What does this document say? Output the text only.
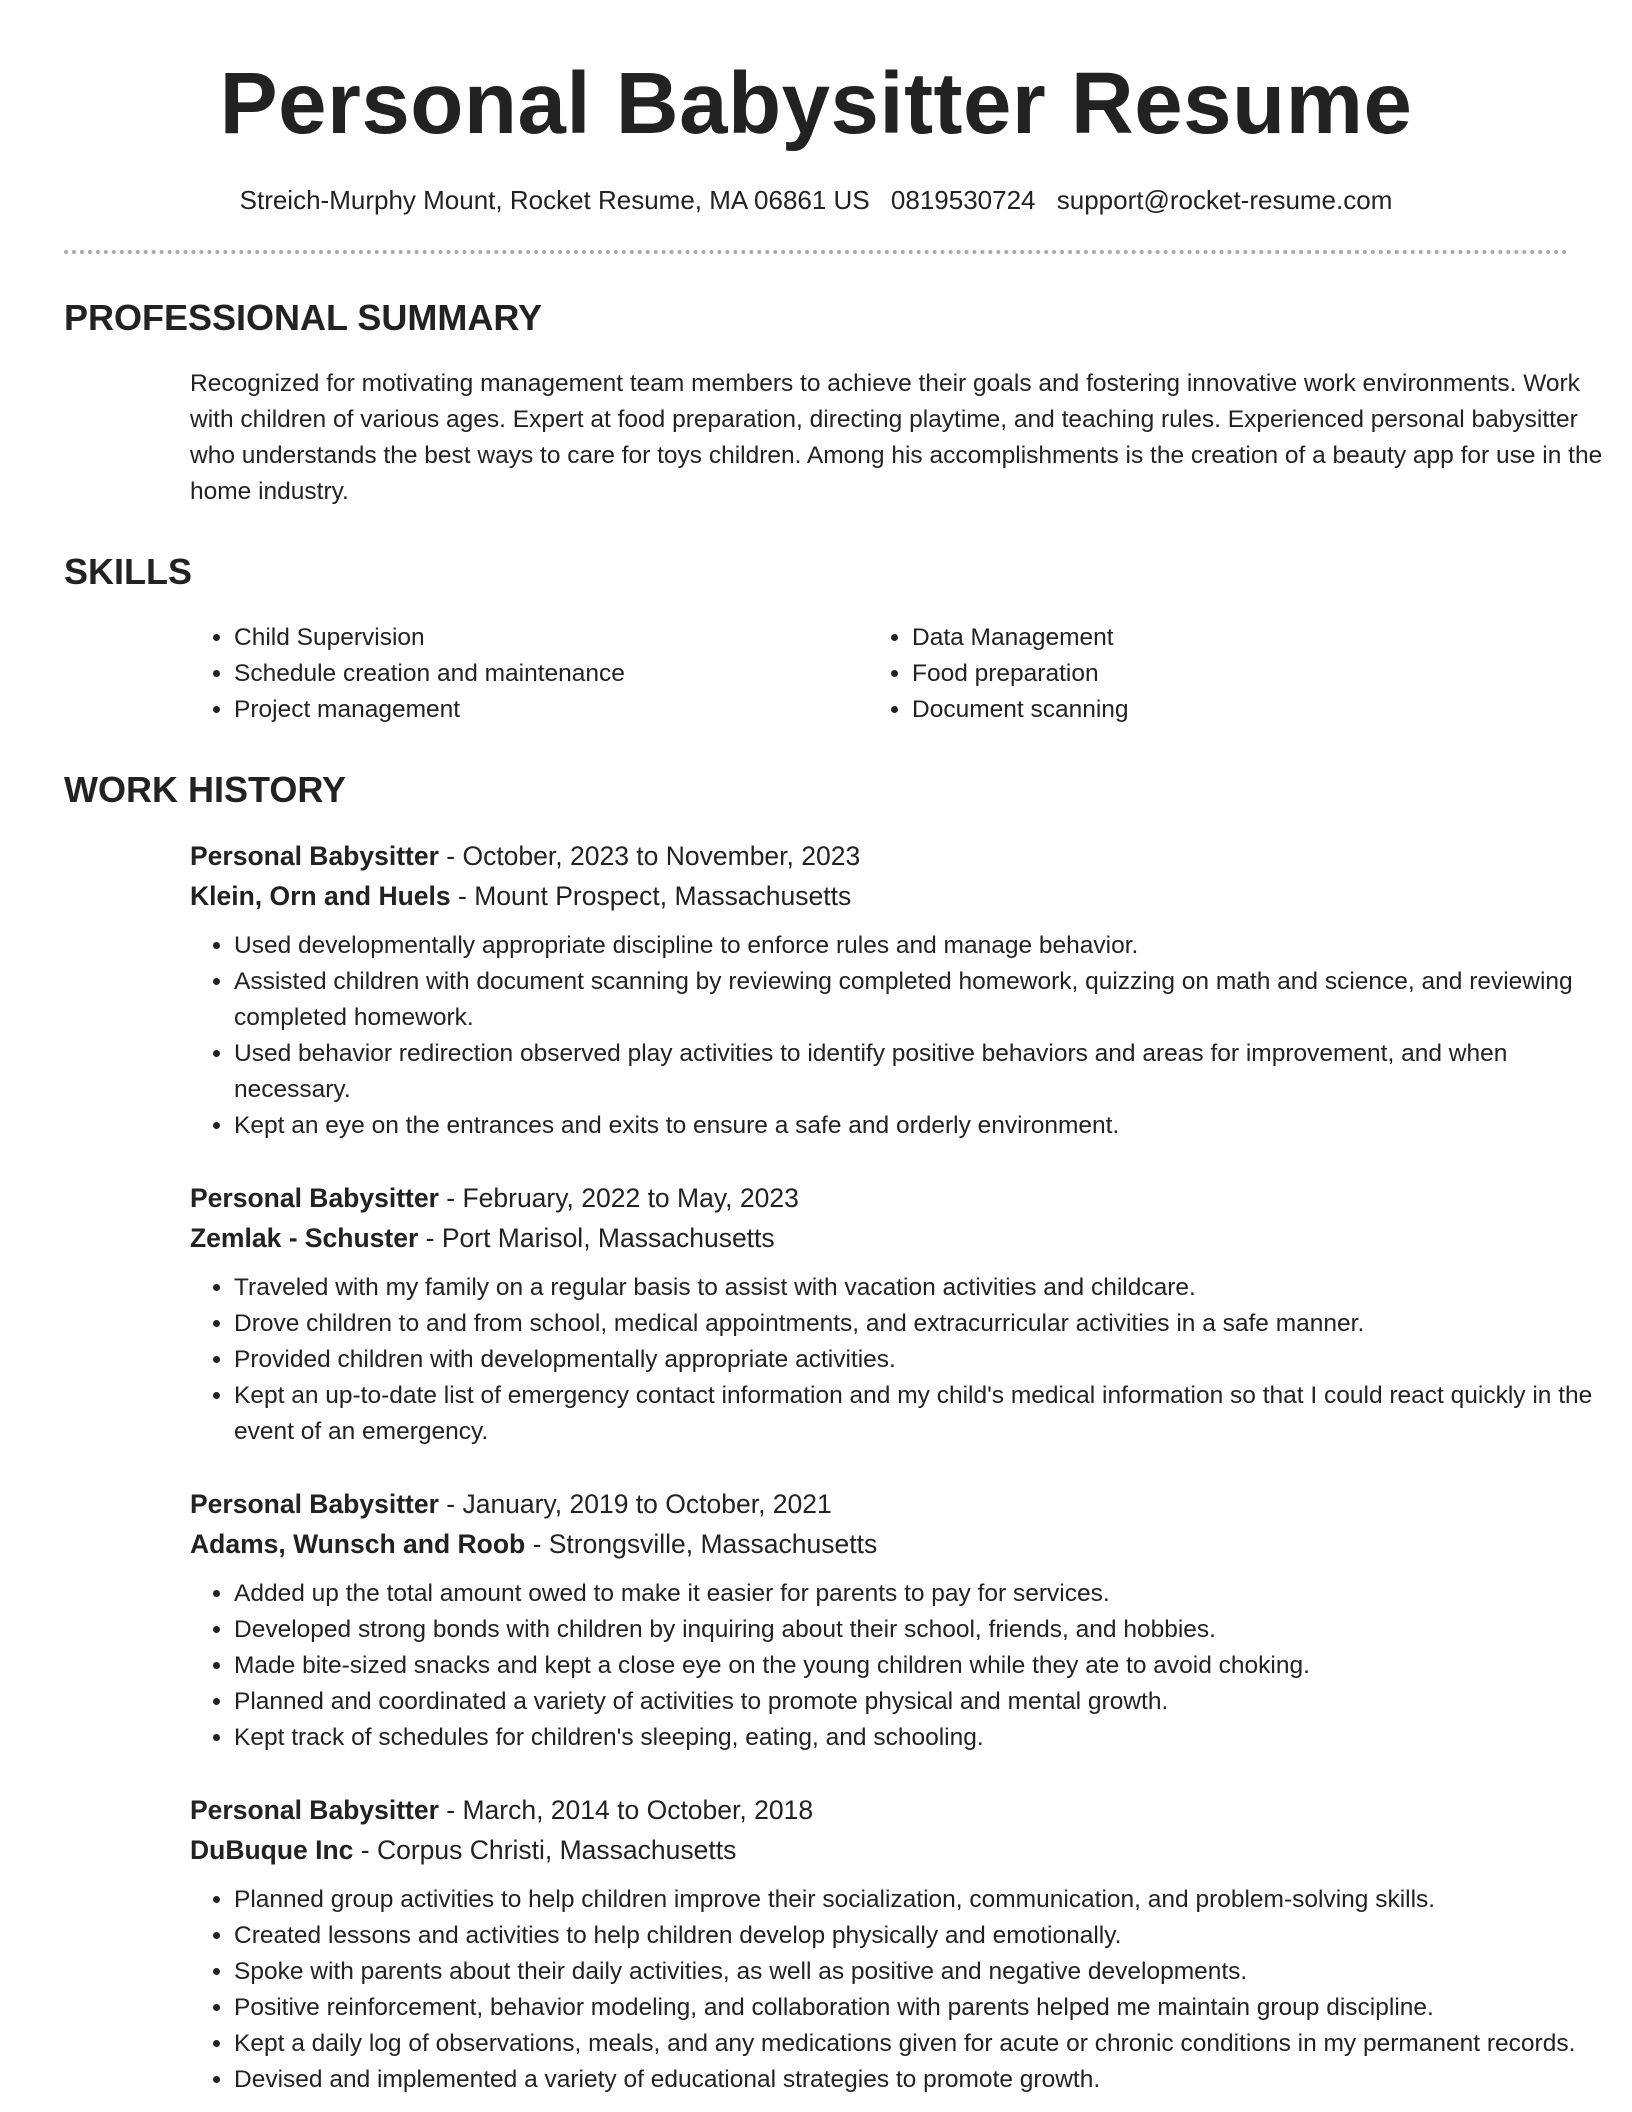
Personal Babysitter Resume
Streich-Murphy Mount, Rocket Resume, MA 06861 US 0819530724 support@rocket-resume.com
PROFESSIONAL SUMMARY

Recognized for motivating management team members to achieve their goals and fostering innovative work environments. Work with children of various ages. Expert at food preparation, directing playtime, and teaching rules. Experienced personal babysitter who understands the best ways to care for toys children. Among his accomplishments is the creation of a beauty app for use in the home industry.

SKILLS
• Child Supervision
• Schedule creation and maintenance
• Project management
• Data Management
• Food preparation
• Document scanning
WORK HISTORY
Personal Babysitter - October, 2023 to November, 2023
Klein, Orn and Huels - Mount Prospect, Massachusetts
• Used developmentally appropriate discipline to enforce rules and manage behavior.
• Assisted children with document scanning by reviewing completed homework, quizzing on math and science, and reviewing completed homework.
• Used behavior redirection observed play activities to identify positive behaviors and areas for improvement, and when necessary.
• Kept an eye on the entrances and exits to ensure a safe and orderly environment.
Personal Babysitter - February, 2022 to May, 2023
Zemlak - Schuster - Port Marisol, Massachusetts
• Traveled with my family on a regular basis to assist with vacation activities and childcare.
• Drove children to and from school, medical appointments, and extracurricular activities in a safe manner.
• Provided children with developmentally appropriate activities.
• Kept an up-to-date list of emergency contact information and my child's medical information so that I could react quickly in the event of an emergency.
Personal Babysitter - January, 2019 to October, 2021
Adams, Wunsch and Roob - Strongsville, Massachusetts
• Added up the total amount owed to make it easier for parents to pay for services.
• Developed strong bonds with children by inquiring about their school, friends, and hobbies.
• Made bite-sized snacks and kept a close eye on the young children while they ate to avoid choking.
• Planned and coordinated a variety of activities to promote physical and mental growth.
• Kept track of schedules for children's sleeping, eating, and schooling.
Personal Babysitter - March, 2014 to October, 2018
DuBuque Inc - Corpus Christi, Massachusetts
• Planned group activities to help children improve their socialization, communication, and problem-solving skills.
• Created lessons and activities to help children develop physically and emotionally.
• Spoke with parents about their daily activities, as well as positive and negative developments.
• Positive reinforcement, behavior modeling, and collaboration with parents helped me maintain group discipline.
• Kept a daily log of observations, meals, and any medications given for acute or chronic conditions in my permanent records.
• Devised and implemented a variety of educational strategies to promote growth.
